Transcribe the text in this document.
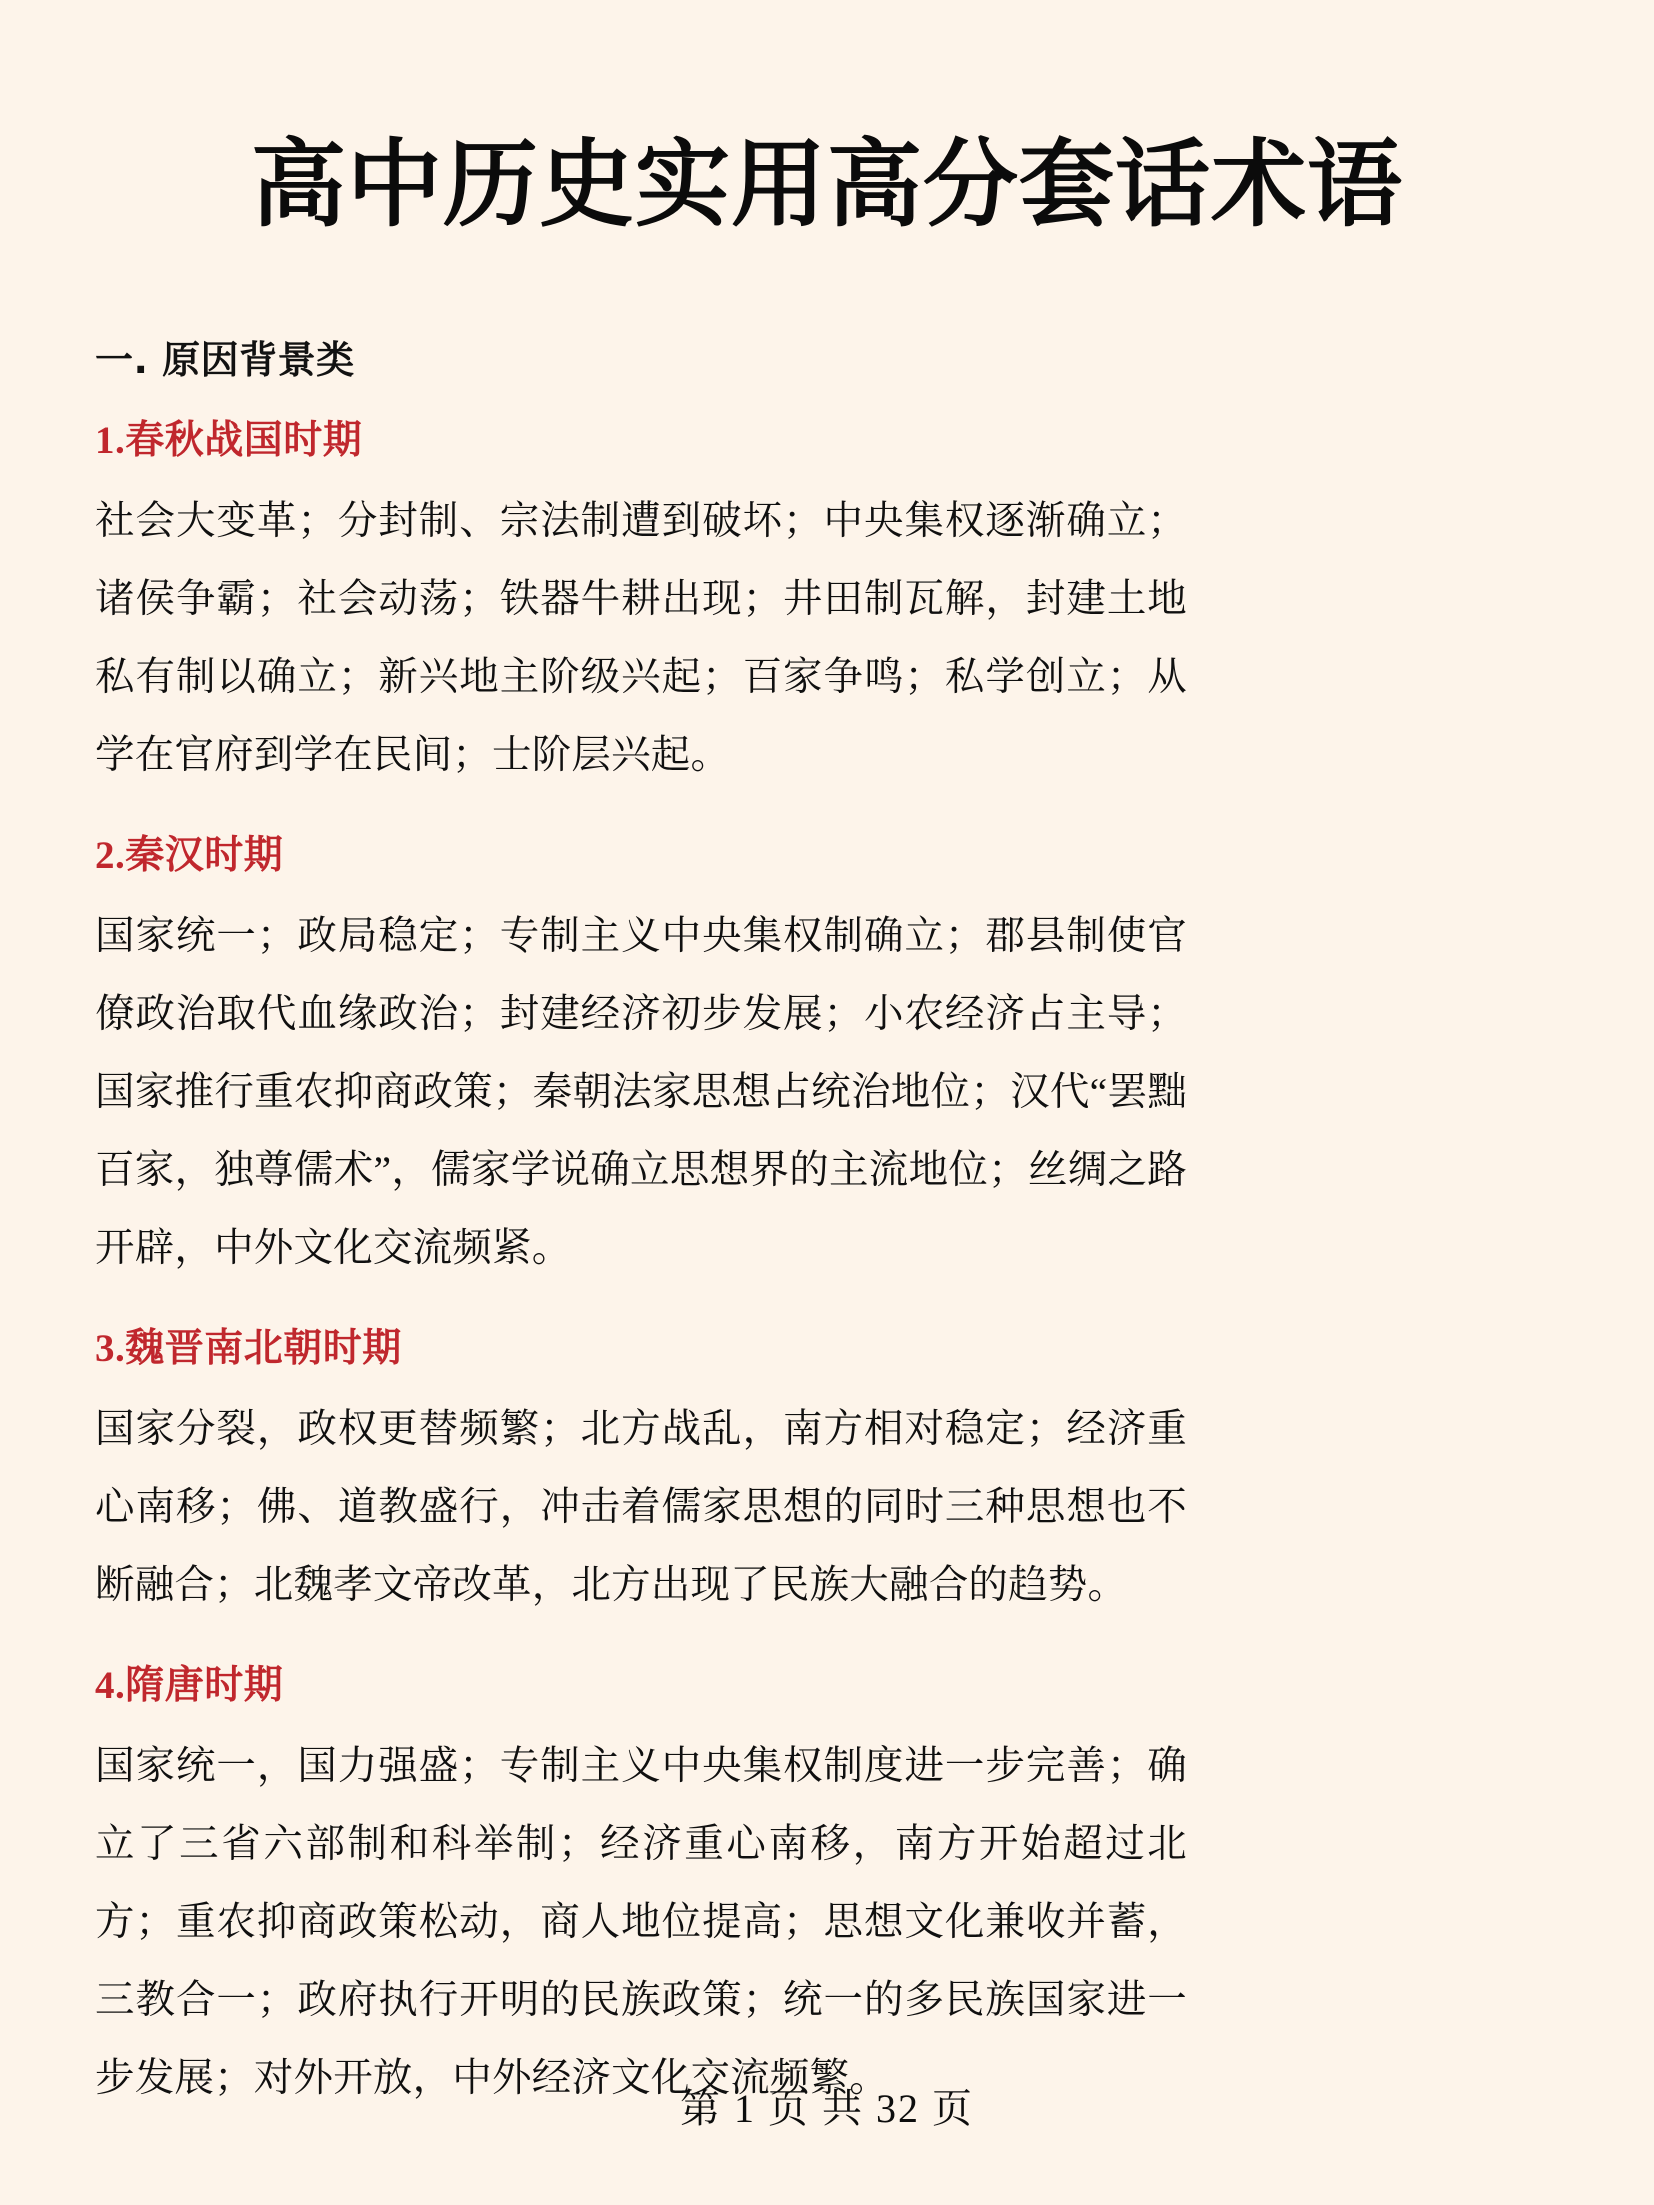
高中历史实用高分套话术语
一. 原因背景类
1.春秋战国时期

社会大变革；分封制、宗法制遭到破坏；中央集权逐渐确立；诸侯争霸；社会动荡；铁器牛耕出现；井田制瓦解，封建土地私有制以确立；新兴地主阶级兴起；百家争鸣；私学创立；从学在官府到学在民间；士阶层兴起。

2.秦汉时期

国家统一；政局稳定；专制主义中央集权制确立；郡县制使官僚政治取代血缘政治；封建经济初步发展；小农经济占主导；国家推行重农抑商政策；秦朝法家思想占统治地位；汉代“罢黜百家，独尊儒术”，儒家学说确立思想界的主流地位；丝绸之路开辟，中外文化交流频紧。

3.魏晋南北朝时期

国家分裂，政权更替频繁；北方战乱，南方相对稳定；经济重心南移；佛、道教盛行，冲击着儒家思想的同时三种思想也不断融合；北魏孝文帝改革，北方出现了民族大融合的趋势。

4.隋唐时期

国家统一，国力强盛；专制主义中央集权制度进一步完善；确立了三省六部制和科举制；经济重心南移，南方开始超过北方；重农抑商政策松动，商人地位提高；思想文化兼收并蓄，三教合一；政府执行开明的民族政策；统一的多民族国家进一步发展；对外开放，中外经济文化交流频繁。

第 1 页 共 32 页
